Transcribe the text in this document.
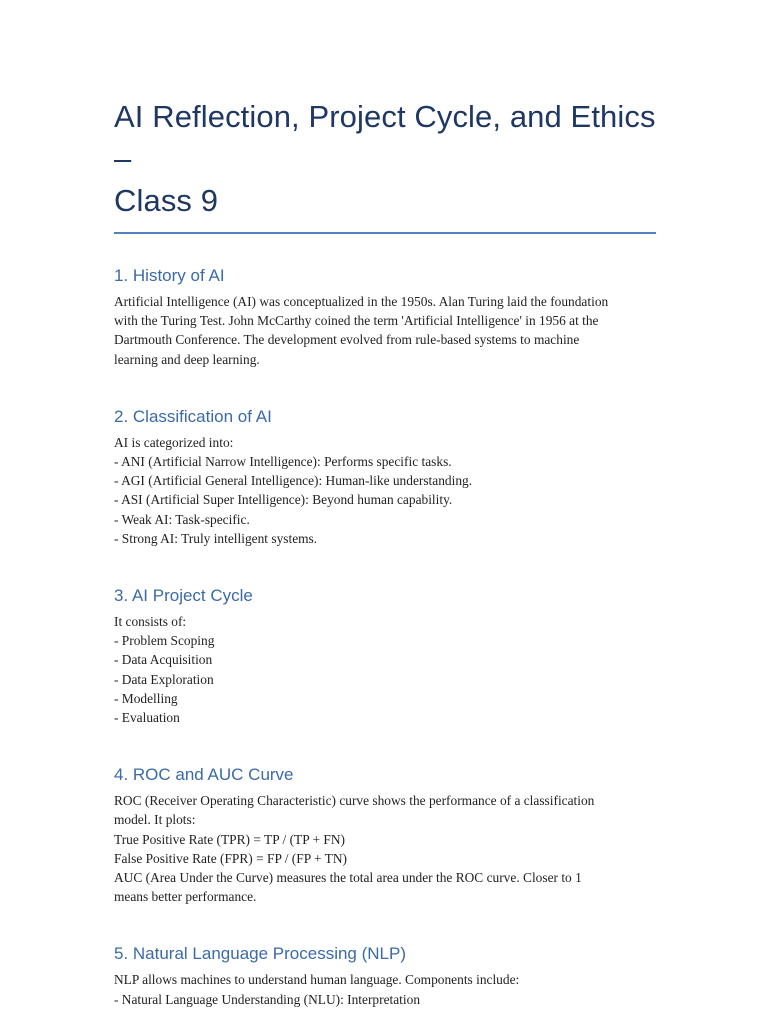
AI Reflection, Project Cycle, and Ethics –
Class 9
1. History of AI

Artificial Intelligence (AI) was conceptualized in the 1950s. Alan Turing laid the foundation
with the Turing Test. John McCarthy coined the term 'Artificial Intelligence' in 1956 at the
Dartmouth Conference. The development evolved from rule-based systems to machine
learning and deep learning.

2. Classification of AI

AI is categorized into:
- ANI (Artificial Narrow Intelligence): Performs specific tasks.
- AGI (Artificial General Intelligence): Human-like understanding.
- ASI (Artificial Super Intelligence): Beyond human capability.
- Weak AI: Task-specific.
- Strong AI: Truly intelligent systems.

3. AI Project Cycle

It consists of:
- Problem Scoping
- Data Acquisition
- Data Exploration
- Modelling
- Evaluation

4. ROC and AUC Curve

ROC (Receiver Operating Characteristic) curve shows the performance of a classification
model. It plots:
True Positive Rate (TPR) = TP / (TP + FN)
False Positive Rate (FPR) = FP / (FP + TN)
AUC (Area Under the Curve) measures the total area under the ROC curve. Closer to 1
means better performance.

5. Natural Language Processing (NLP)

NLP allows machines to understand human language. Components include:
- Natural Language Understanding (NLU): Interpretation
